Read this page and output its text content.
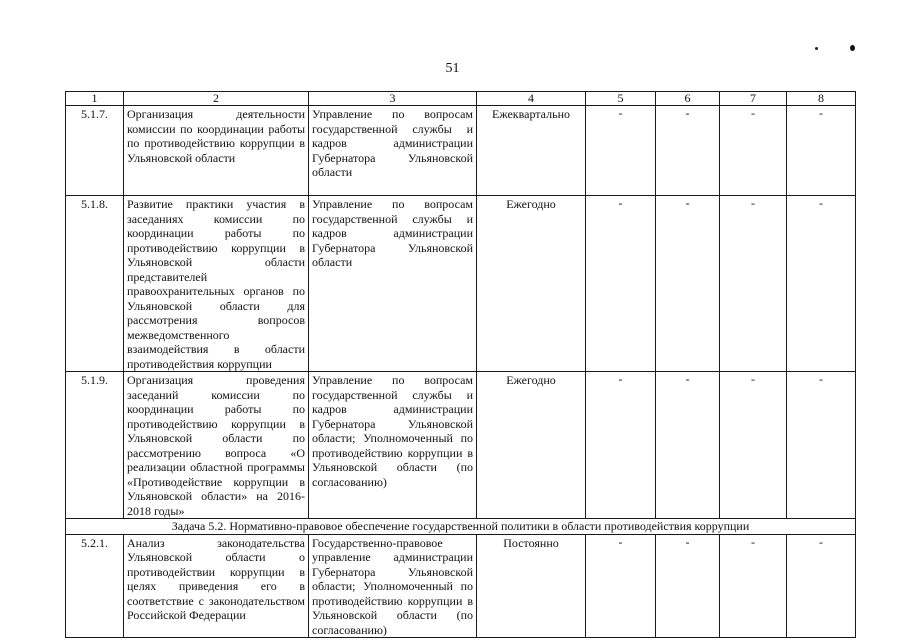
51
1	2	3	4	5	6	7	8
5.1.7.	Организация деятельности комиссии по координации работы по противодействию коррупции в Ульяновской области	Управление по вопросам государственной службы и кадров администрации Губернатора Ульяновской области	Ежеквартально	-	-	-	-
5.1.8.	Развитие практики участия в заседаниях комиссии по координации работы по противодействию коррупции в Ульяновской области представителей правоохранительных органов по Ульяновской области для рассмотрения вопросов межведомственного взаимодействия в области противодействия коррупции	Управление по вопросам государственной службы и кадров администрации Губернатора Ульяновской области	Ежегодно	-	-	-	-
5.1.9.	Организация проведения заседаний комиссии по координации работы по противодействию коррупции в Ульяновской области по рассмотрению вопроса «О реализации областной программы «Противодействие коррупции в Ульяновской области» на 2016-2018 годы»	Управление по вопросам государственной службы и кадров администрации Губернатора Ульяновской области; Уполномоченный по противодействию коррупции в Ульяновской области (по согласованию)	Ежегодно	-	-	-	-
Задача 5.2. Нормативно-правовое обеспечение государственной политики в области противодействия коррупции							
5.2.1.	Анализ законодательства Ульяновской области о противодействии коррупции в целях приведения его в соответствие с законодательством Российской Федерации	Государственно-правовое управление администрации Губернатора Ульяновской области; Уполномоченный по противодействию коррупции в Ульяновской области (по согласованию)	Постоянно	-	-	-	-
